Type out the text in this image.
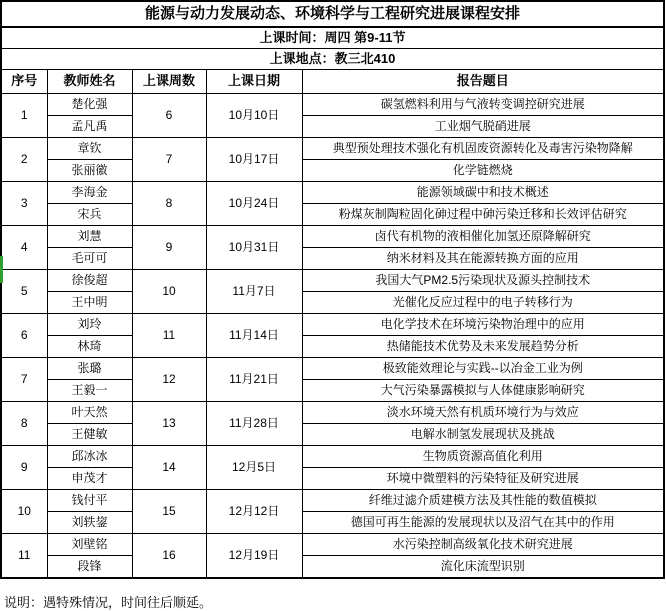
能源与动力发展动态、环境科学与工程研究进展课程安排				
上课时间：周四 第9-11节				
上课地点：教三北410				
序号	教师姓名	上课周数	上课日期	报告题目
1	楚化强	6	10月10日	碳氢燃料利用与气液转变调控研究进展
	孟凡禹			工业烟气脱硝进展
2	章钦	7	10月17日	典型预处理技术强化有机固废资源转化及毒害污染物降解
	张丽徽			化学链燃烧
3	李海金	8	10月24日	能源领域碳中和技术概述
	宋兵			粉煤灰制陶粒固化砷过程中砷污染迁移和长效评估研究
4	刘慧	9	10月31日	卤代有机物的液相催化加氢还原降解研究
	毛可可			纳米材料及其在能源转换方面的应用
5	徐俊超	10	11月7日	我国大气PM2.5污染现状及源头控制技术
	王中明			光催化反应过程中的电子转移行为
6	刘玲	11	11月14日	电化学技术在环境污染物治理中的应用
	林琦			热储能技术优势及未来发展趋势分析
7	张璐	12	11月21日	极致能效理论与实践--以冶金工业为例
	王毅一			大气污染暴露模拟与人体健康影响研究
8	叶天然	13	11月28日	淡水环境天然有机质环境行为与效应
	王健敏			电解水制氢发展现状及挑战
9	邱冰冰	14	12月5日	生物质资源高值化利用
	申茂才			环境中微塑料的污染特征及研究进展
10	钱付平	15	12月12日	纤维过滤介质建模方法及其性能的数值模拟
	刘轶鋆			德国可再生能源的发展现状以及沼气在其中的作用
11	刘壁铭	16	12月19日	水污染控制高级氧化技术研究进展
	段锋			流化床流型识别
说明：遇特殊情况，时间往后顺延。
